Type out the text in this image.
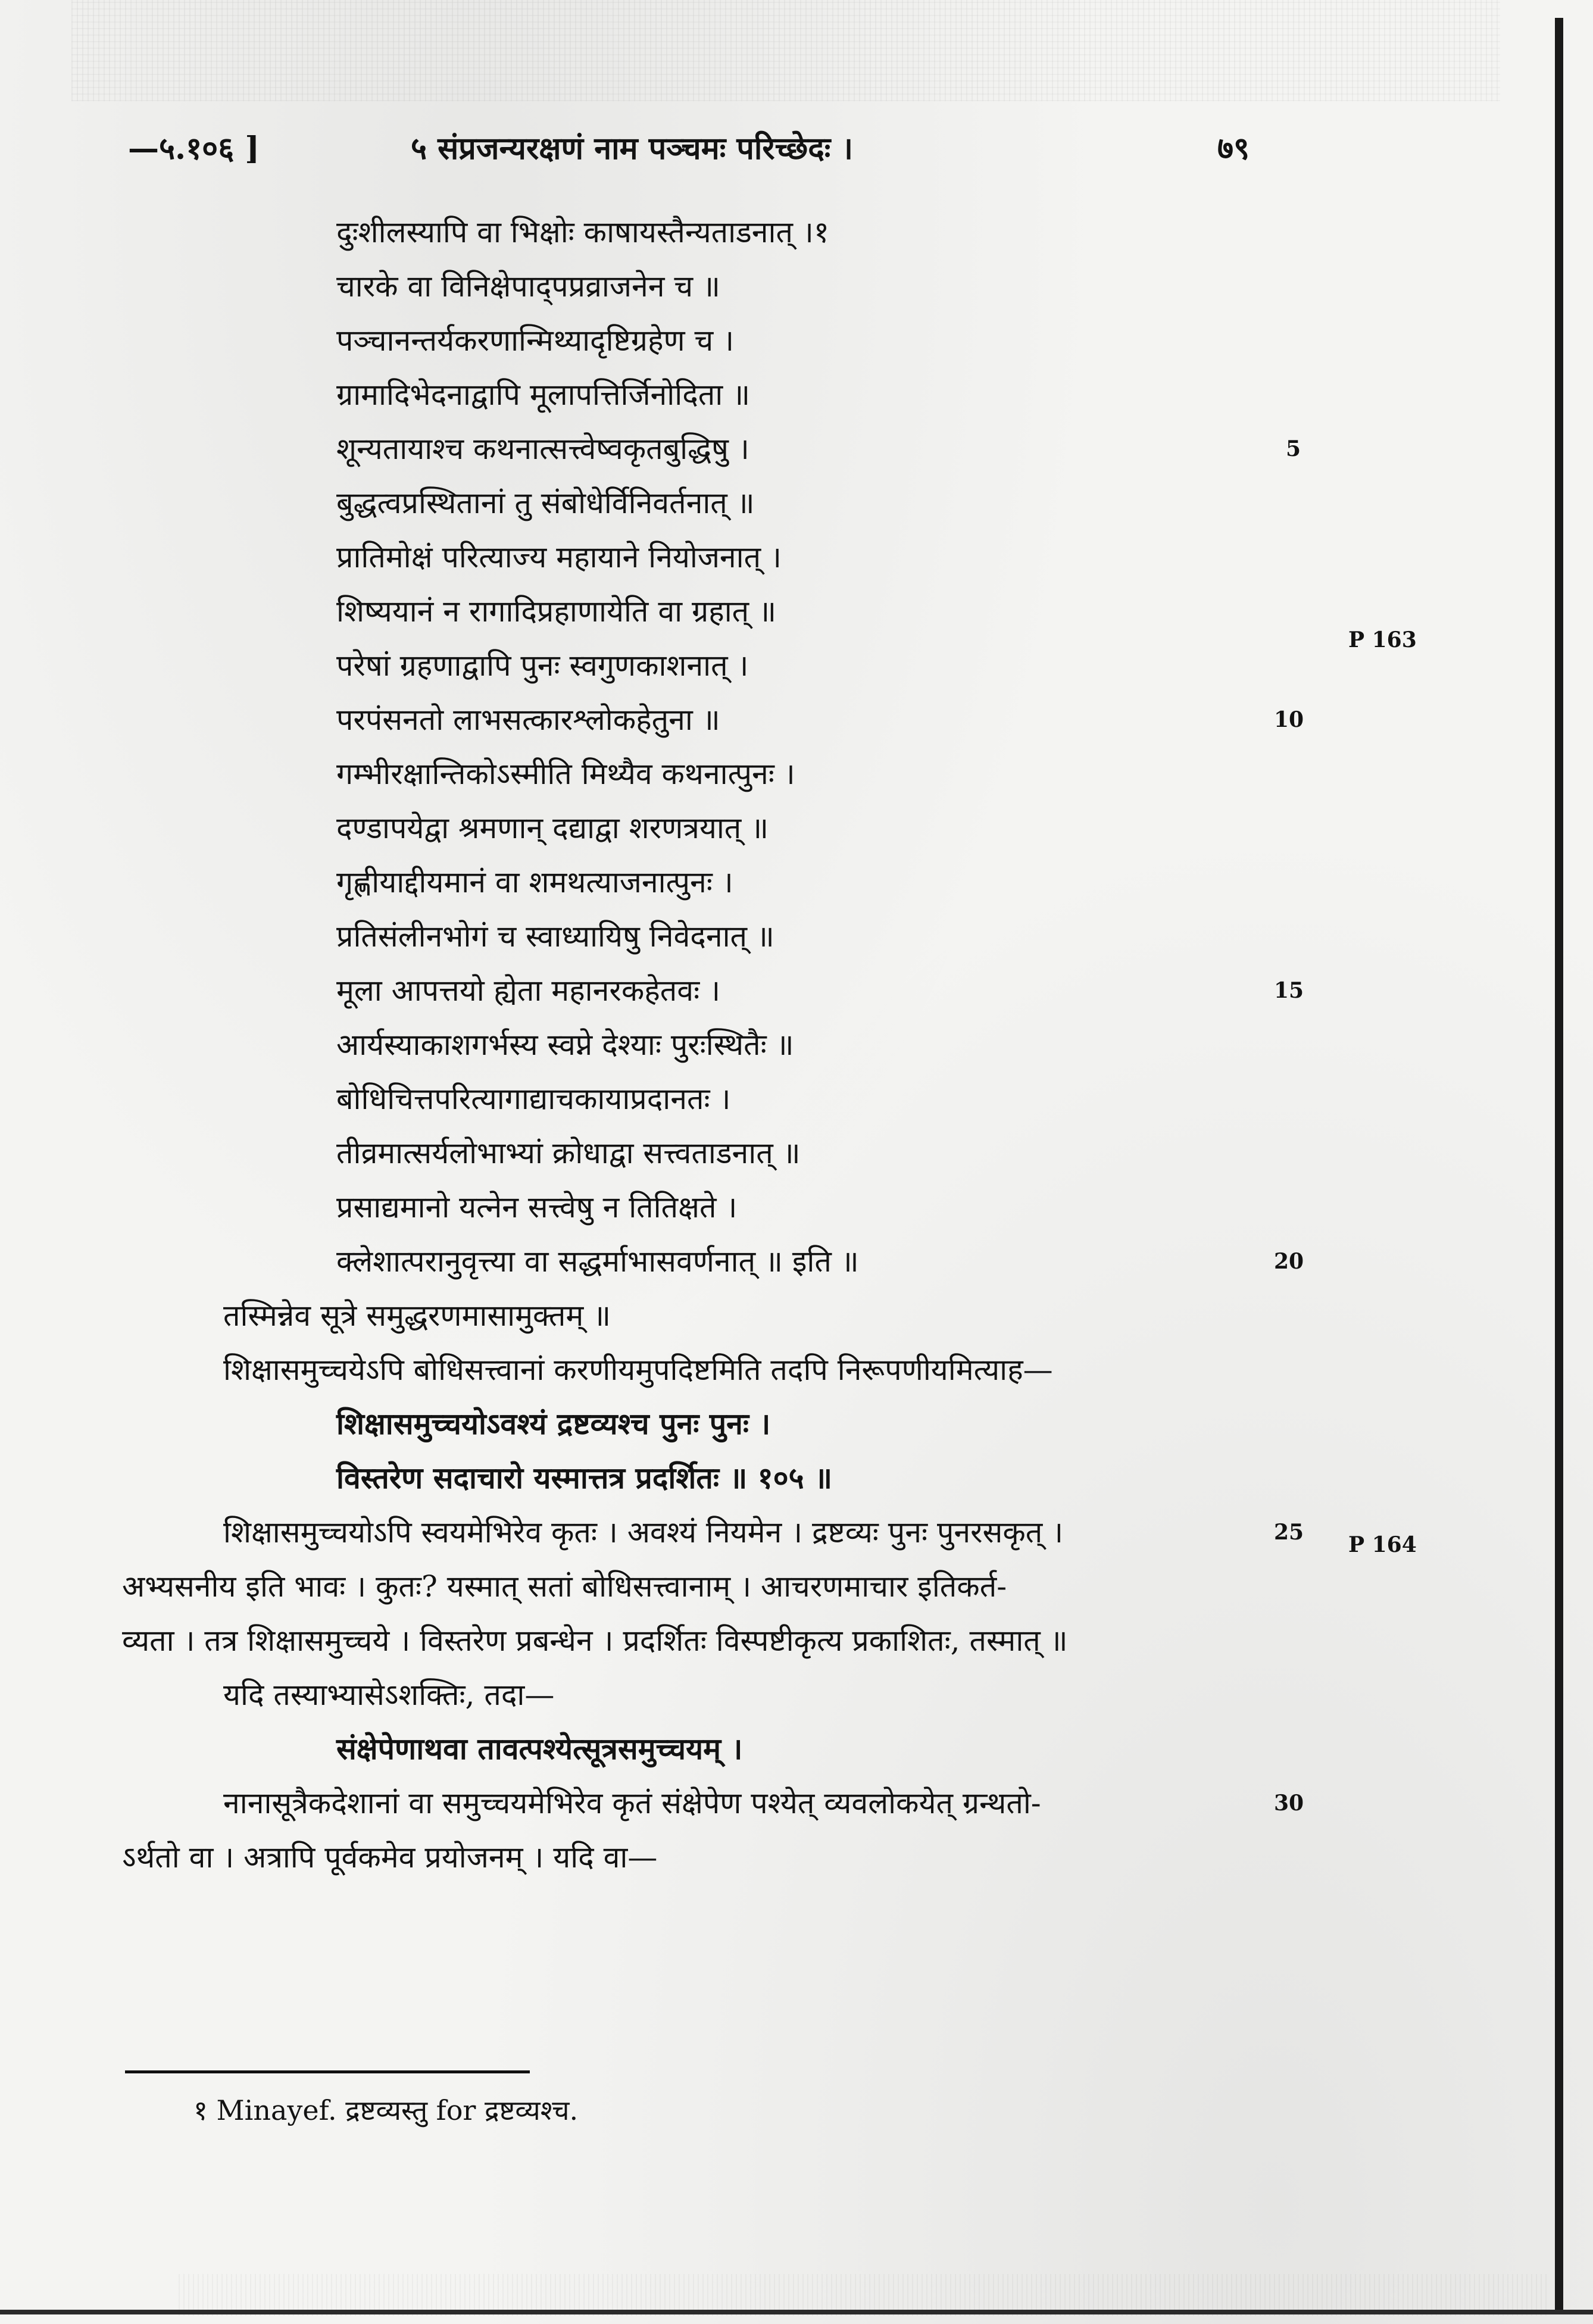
—५.१०६ ]	५ संप्रजन्यरक्षणं नाम पञ्चमः परिच्छेदः ।	७९
दुःशीलस्यापि वा भिक्षोः काषायस्तैन्यताडनात् ।१
चारके वा विनिक्षेपाद्पप्रव्राजनेन च ॥
पञ्चानन्तर्यकरणान्मिथ्यादृष्टिग्रहेण च ।
ग्रामादिभेदनाद्वापि मूलापत्तिर्जिनोदिता ॥
शून्यतायाश्च कथनात्सत्त्वेष्वकृतबुद्धिषु ।
बुद्धत्वप्रस्थितानां तु संबोधेर्विनिवर्तनात् ॥
प्रातिमोक्षं परित्याज्य महायाने नियोजनात् ।
शिष्ययानं न रागादिप्रहाणायेति वा ग्रहात् ॥
परेषां ग्रहणाद्वापि पुनः स्वगुणकाशनात् ।
परपंसनतो लाभसत्कारश्लोकहेतुना ॥
गम्भीरक्षान्तिकोऽस्मीति मिथ्यैव कथनात्पुनः ।
दण्डापयेद्वा श्रमणान् दद्याद्वा शरणत्रयात् ॥
गृह्णीयाद्दीयमानं वा शमथत्याजनात्पुनः ।
प्रतिसंलीनभोगं च स्वाध्यायिषु निवेदनात् ॥
मूला आपत्तयो ह्येता महानरकहेतवः ।
आर्यस्याकाशगर्भस्य स्वप्ने देश्याः पुरःस्थितैः ॥
बोधिचित्तपरित्यागाद्याचकायाप्रदानतः ।
तीव्रमात्सर्यलोभाभ्यां क्रोधाद्वा सत्त्वताडनात् ॥
प्रसाद्यमानो यत्नेन सत्त्वेषु न तितिक्षते ।
क्लेशात्परानुवृत्त्या वा सद्धर्माभासवर्णनात् ॥ इति ॥
तस्मिन्नेव सूत्रे समुद्धरणमासामुक्तम् ॥
शिक्षासमुच्चयेऽपि बोधिसत्त्वानां करणीयमुपदिष्टमिति तदपि निरूपणीयमित्याह—
शिक्षासमुच्चयोऽवश्यं द्रष्टव्यश्च पुनः पुनः ।
विस्तरेण सदाचारो यस्मात्तत्र प्रदर्शितः ॥ १०५ ॥
शिक्षासमुच्चयोऽपि स्वयमेभिरेव कृतः । अवश्यं नियमेन । द्रष्टव्यः पुनः पुनरसकृत् ।
अभ्यसनीय इति भावः । कुतः? यस्मात् सतां बोधिसत्त्वानाम् । आचरणमाचार इतिकर्त-
व्यता । तत्र शिक्षासमुच्चये । विस्तरेण प्रबन्धेन । प्रदर्शितः विस्पष्टीकृत्य प्रकाशितः, तस्मात् ॥
यदि तस्याभ्यासेऽशक्तिः, तदा—
संक्षेपेणाथवा तावत्पश्येत्सूत्रसमुच्चयम् ।
नानासूत्रैकदेशानां वा समुच्चयमेभिरेव कृतं संक्षेपेण पश्येत् व्यवलोकयेत् ग्रन्थतो-
ऽर्थतो वा । अत्रापि पूर्वकमेव प्रयोजनम् । यदि वा—
5
10
15
20
25
30
P 163
P 164
१ Minayef. द्रष्टव्यस्तु for द्रष्टव्यश्च.
